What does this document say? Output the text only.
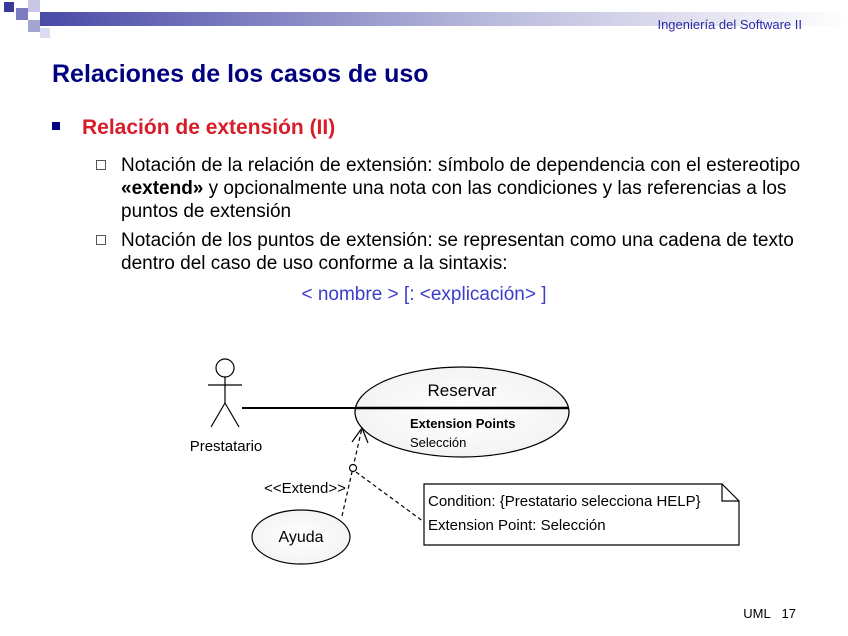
Ingeniería del Software II
Relaciones de los casos de uso
Relación de extensión (II)
Notación de la relación de extensión: símbolo de dependencia con el estereotipo «extend» y opcionalmente una nota con las condiciones y las referencias a los puntos de extensión
Notación de los puntos de extensión: se representan como una cadena de texto dentro del caso de uso conforme a la sintaxis:
< nombre > [: <explicación> ]
Prestatario
Reservar
Extension Points
Selección
<<Extend>>
Ayuda
Condition: {Prestatario selecciona HELP}
Extension Point: Selección
UML 17
